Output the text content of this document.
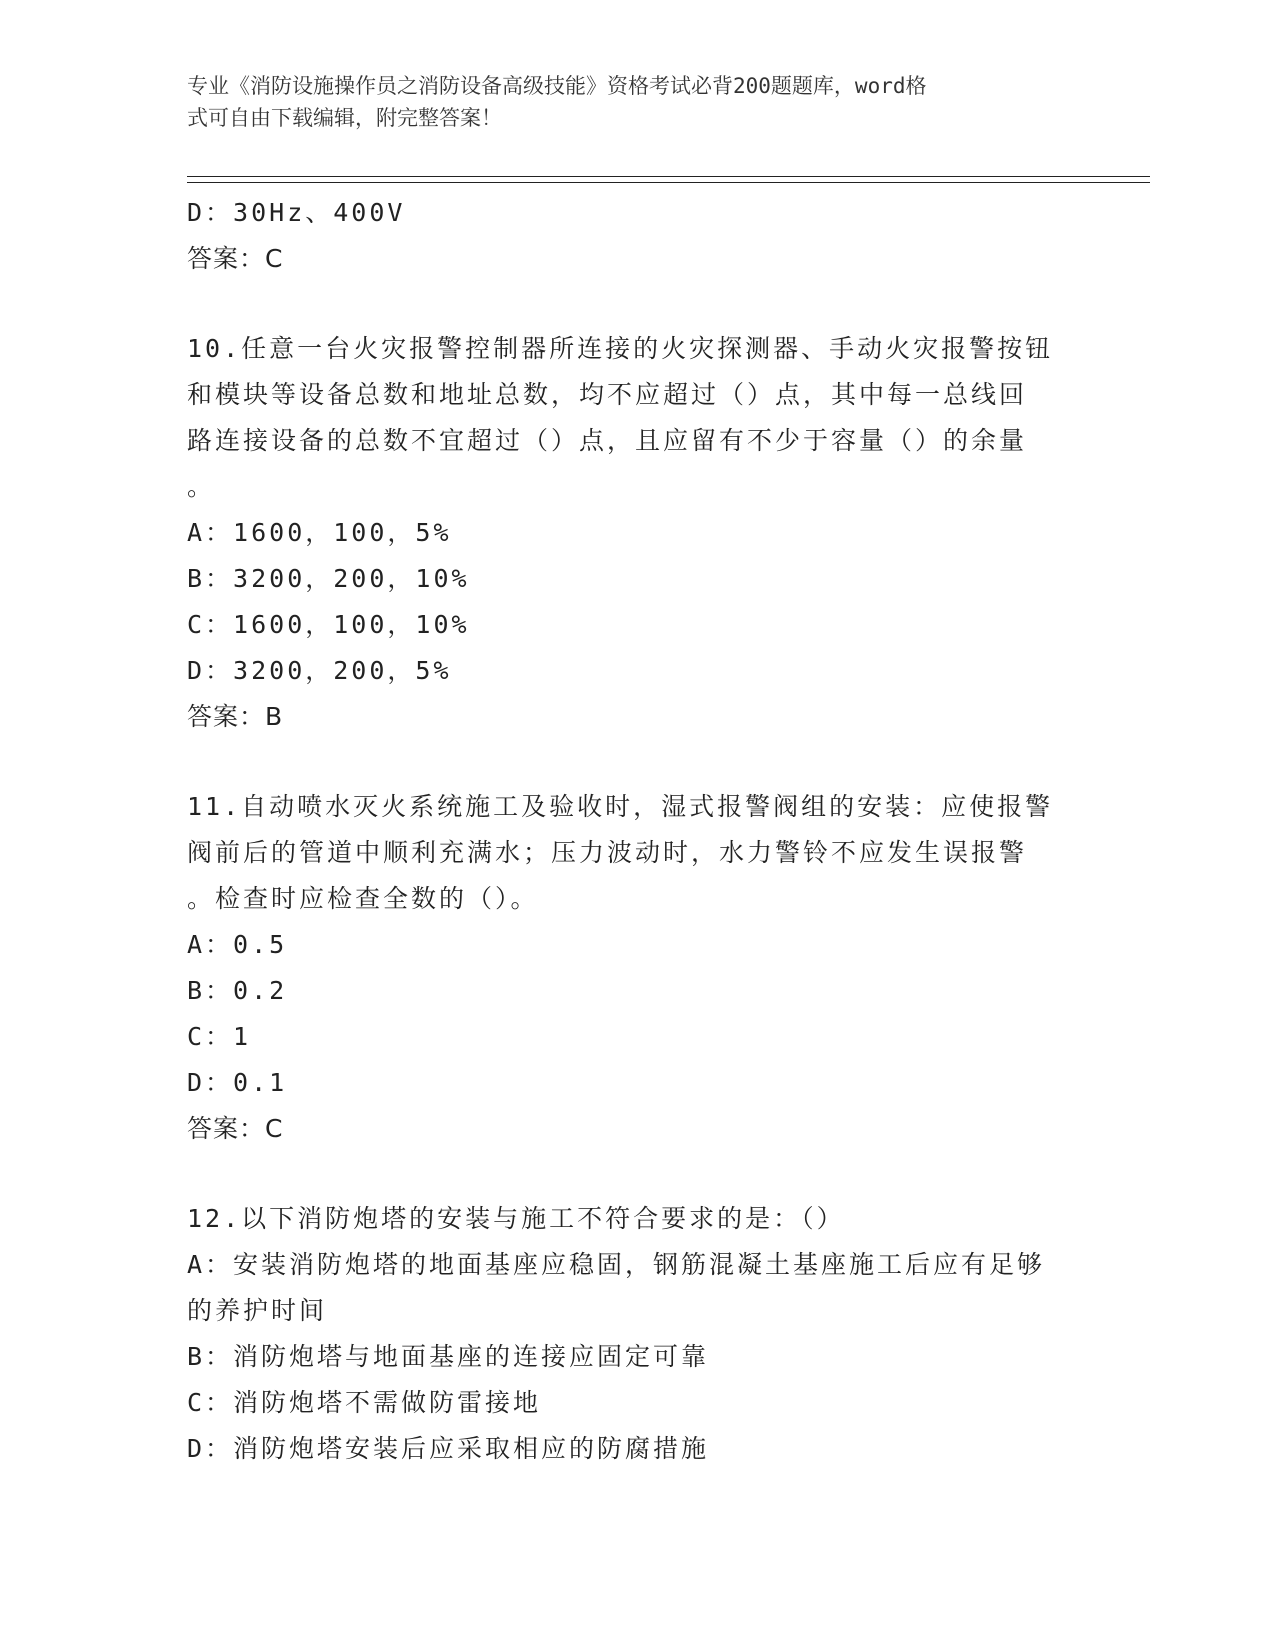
专业《消防设施操作员之消防设备高级技能》资格考试必背200题题库，word格
式可自由下载编辑，附完整答案！
D：30Hz、400V
答案：C
10.任意一台火灾报警控制器所连接的火灾探测器、手动火灾报警按钮
和模块等设备总数和地址总数，均不应超过（）点，其中每一总线回
路连接设备的总数不宜超过（）点，且应留有不少于容量（）的余量
。
A：1600，100，5%
B：3200，200，10%
C：1600，100，10%
D：3200，200，5%
答案：B
11.自动喷水灭火系统施工及验收时，湿式报警阀组的安装：应使报警
阀前后的管道中顺利充满水；压力波动时，水力警铃不应发生误报警
。检查时应检查全数的（）。
A：0.5
B：0.2
C：1
D：0.1
答案：C
12.以下消防炮塔的安装与施工不符合要求的是：（）
A：安装消防炮塔的地面基座应稳固，钢筋混凝土基座施工后应有足够
的养护时间
B：消防炮塔与地面基座的连接应固定可靠
C：消防炮塔不需做防雷接地
D：消防炮塔安装后应采取相应的防腐措施
